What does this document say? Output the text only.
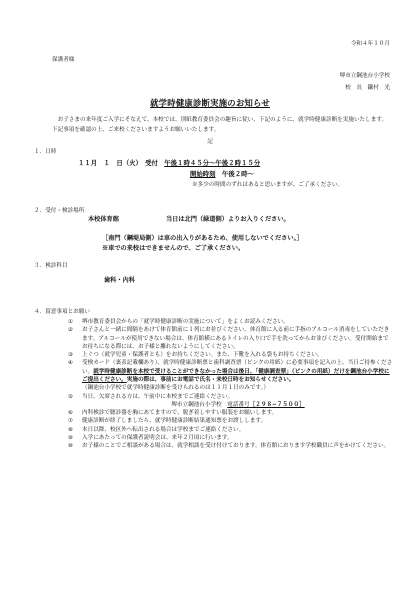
令和４年１０月
保護者様
堺市立鋼池台小学校
校　長　 鎌村　光
就学時健康診断実施のお知らせ
お子さまの来年度ご入学にそなえて、本校では、別紙教育委員会の趣旨に従い、下記のように、就学時健康診断を実施いたします。下記事項を確認の上、ご来校くださいますようお願いいたします。
記
１．日時
１１月　１　日（火）　 受付　 午後１時４５分〜午後２時１５分
開始時刻　 午後２時〜
※多少の時間のずれはあると思いますが、ご了承ください。
２．受付・検診場所
本校体育館	当日は北門（緑道側）よりお入りください。
［南門（鋼堤局側）は車の出入りがあるため、使用しないでください。］
※車での来校はできませんので、ご了承ください。
３．検診科目
歯科・内科
４．留意事項とお願い
① 堺市教育委員会からの「就学時健康診断の実施について」をよくお読みください。
② お子さんと一緒に間隔をあけて体育館前に１列にお並びください。体育館に入る前に手指のアルコール消毒をしていただきます。アルコールが使用できない場合は、体育館横にあるトイレの入り口で手を洗ってからお並びください。受付開始までお待ちになる際には、お子様と離れないようにしてください。
③ 上ぐつ（就学児童・保護者とも）をお持ちください。また、下靴を入れる袋もお持ちください。
④ 受検カード（裏表記載欄あり）、就学時健康診断票と歯科調査票（ピンクの用紙）に必要事項を記入の上、当日ご持参ください。就学時健康診断を本校で受けることができなかった場合は後日、「健康調査票」（ピンクの用紙）だけを鋼池台小学校にご提出ください。実施の際は、事前にお電話で氏名・来校日時をお知らせください。
（鋼池台小学校で就学時健康診断を受けられるのは１１月１日のみです。）
⑤ 当日、欠席される方は、午前中に本校までご連絡ください。
堺市立鋼池台小学校　 電話番号［２９８−７５００］
⑥ 内科検診で聴診器を胸にあてますので、脱ぎ着しやすい服装をお願いします。
⑦ 健康診断が終了しましたら、就学時健康診断結果通知票をお渡しします。
⑧ 本日以降、校区外へ転出される場合は学校までご連絡ください。
⑨ 入学にあたっての保護者説明会は、来年２月頃に行います。
⑩ お子様のことでご相談がある場合は、就学相談を受け付けております。体育館におります学校職員に声をかけてください。
